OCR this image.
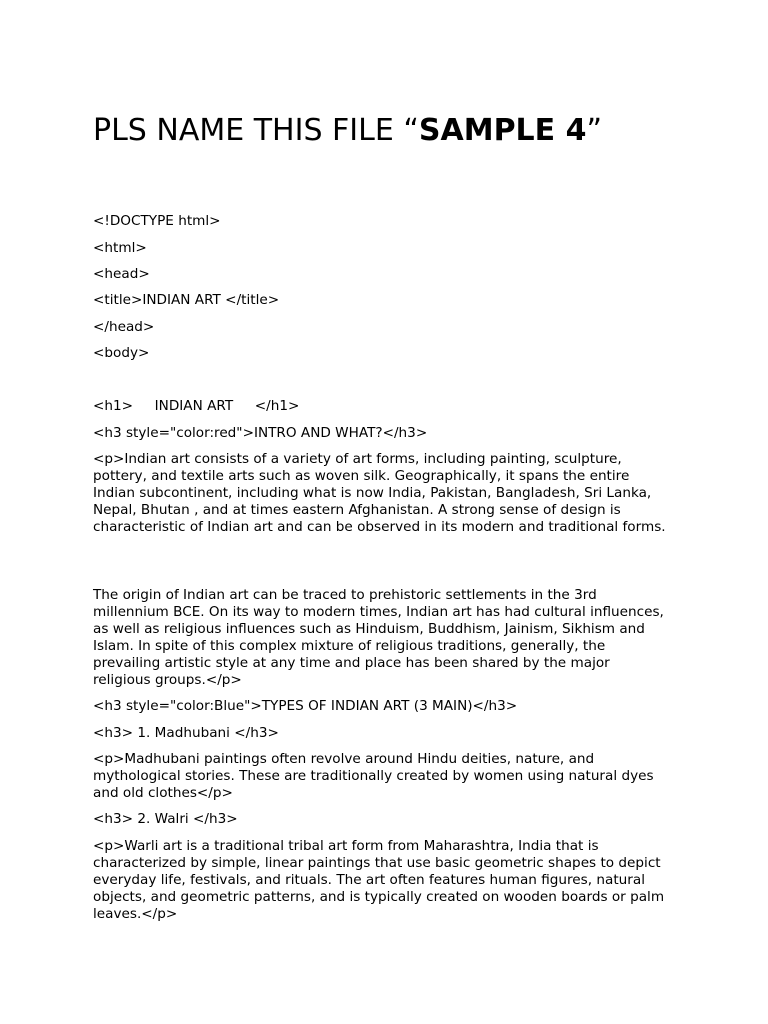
PLS NAME THIS FILE “SAMPLE 4”

<!DOCTYPE html>

<html>

<head>

<title>INDIAN ART </title>

</head>

<body>

<h1>     INDIAN ART     </h1>

<h3 style="color:red">INTRO AND WHAT?</h3>

<p>Indian art consists of a variety of art forms, including painting, sculpture, pottery, and textile arts such as woven silk. Geographically, it spans the entire Indian subcontinent, including what is now India, Pakistan, Bangladesh, Sri Lanka, Nepal, Bhutan , and at times eastern Afghanistan. A strong sense of design is characteristic of Indian art and can be observed in its modern and traditional forms.

The origin of Indian art can be traced to prehistoric settlements in the 3rd millennium BCE. On its way to modern times, Indian art has had cultural influences, as well as religious influences such as Hinduism, Buddhism, Jainism, Sikhism and Islam. In spite of this complex mixture of religious traditions, generally, the prevailing artistic style at any time and place has been shared by the major religious groups.</p>

<h3 style="color:Blue">TYPES OF INDIAN ART (3 MAIN)</h3>

<h3> 1. Madhubani </h3>

<p>Madhubani paintings often revolve around Hindu deities, nature, and mythological stories. These are traditionally created by women using natural dyes and old clothes</p>

<h3> 2. Walri </h3>

<p>Warli art is a traditional tribal art form from Maharashtra, India that is characterized by simple, linear paintings that use basic geometric shapes to depict everyday life, festivals, and rituals. The art often features human figures, natural objects, and geometric patterns, and is typically created on wooden boards or palm leaves.</p>
